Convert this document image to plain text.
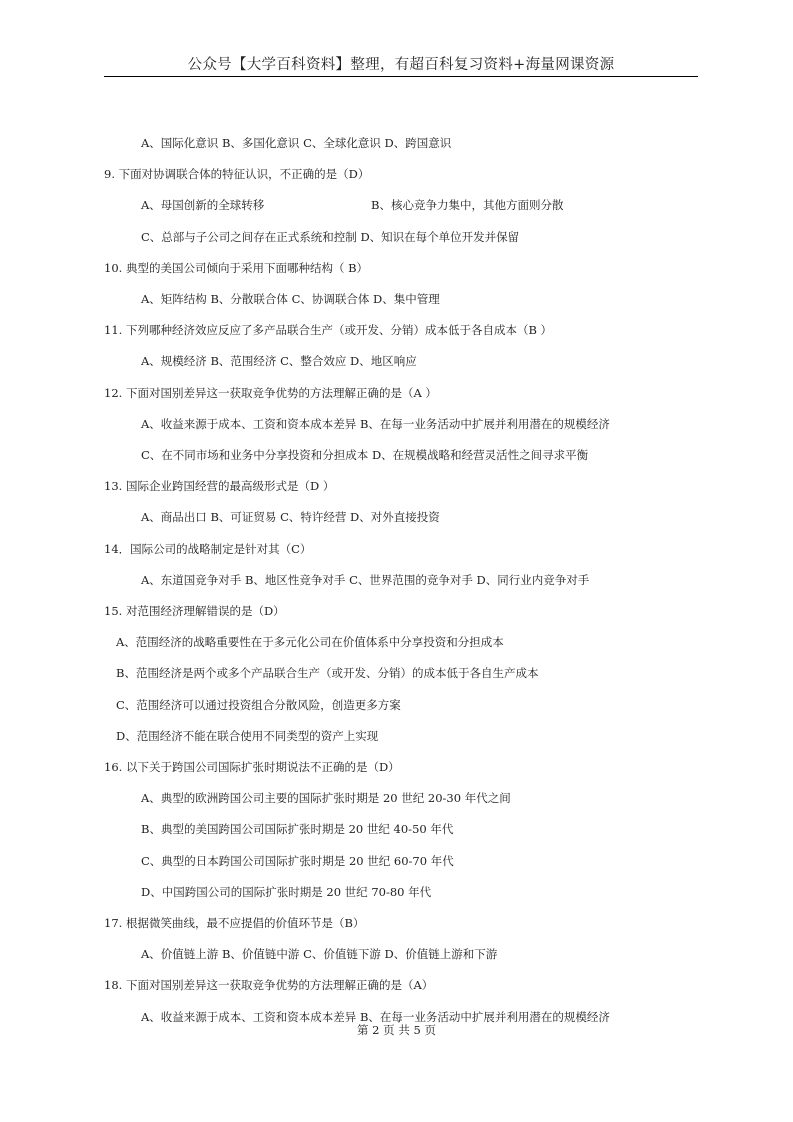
公众号【大学百科资料】整理，有超百科复习资料+海量网课资源
A、国际化意识 B、多国化意识 C、全球化意识 D、跨国意识
9. 下面对协调联合体的特征认识，不正确的是（D）
A、母国创新的全球转移	B、核心竞争力集中，其他方面则分散
C、总部与子公司之间存在正式系统和控制 D、知识在每个单位开发并保留
10. 典型的美国公司倾向于采用下面哪种结构（ B）
A、矩阵结构 B、分散联合体 C、协调联合体 D、集中管理
11. 下列哪种经济效应反应了多产品联合生产（或开发、分销）成本低于各自成本（B ）
A、规模经济 B、范围经济 C、整合效应 D、地区响应
12. 下面对国别差异这一获取竞争优势的方法理解正确的是（A ）
A、收益来源于成本、工资和资本成本差异 B、在每一业务活动中扩展并利用潜在的规模经济
C、在不同市场和业务中分享投资和分担成本 D、在规模战略和经营灵活性之间寻求平衡
13. 国际企业跨国经营的最高级形式是（D ）
A、商品出口 B、可证贸易 C、特许经营 D、对外直接投资
14．国际公司的战略制定是针对其（C）
A、东道国竞争对手 B、地区性竞争对手 C、世界范围的竞争对手 D、同行业内竞争对手
15. 对范围经济理解错误的是（D）
A、范围经济的战略重要性在于多元化公司在价值体系中分享投资和分担成本
B、范围经济是两个或多个产品联合生产（或开发、分销）的成本低于各自生产成本
C、范围经济可以通过投资组合分散风险，创造更多方案
D、范围经济不能在联合使用不同类型的资产上实现
16. 以下关于跨国公司国际扩张时期说法不正确的是（D）
A、典型的欧洲跨国公司主要的国际扩张时期是 20 世纪 20-30 年代之间
B、典型的美国跨国公司国际扩张时期是 20 世纪 40-50 年代
C、典型的日本跨国公司国际扩张时期是 20 世纪 60-70 年代
D、中国跨国公司的国际扩张时期是 20 世纪 70-80 年代
17. 根据微笑曲线，最不应提倡的价值环节是（B）
A、价值链上游 B、价值链中游 C、价值链下游 D、价值链上游和下游
18. 下面对国别差异这一获取竞争优势的方法理解正确的是（A）
A、收益来源于成本、工资和资本成本差异 B、在每一业务活动中扩展并利用潜在的规模经济
第 2 页 共 5 页
